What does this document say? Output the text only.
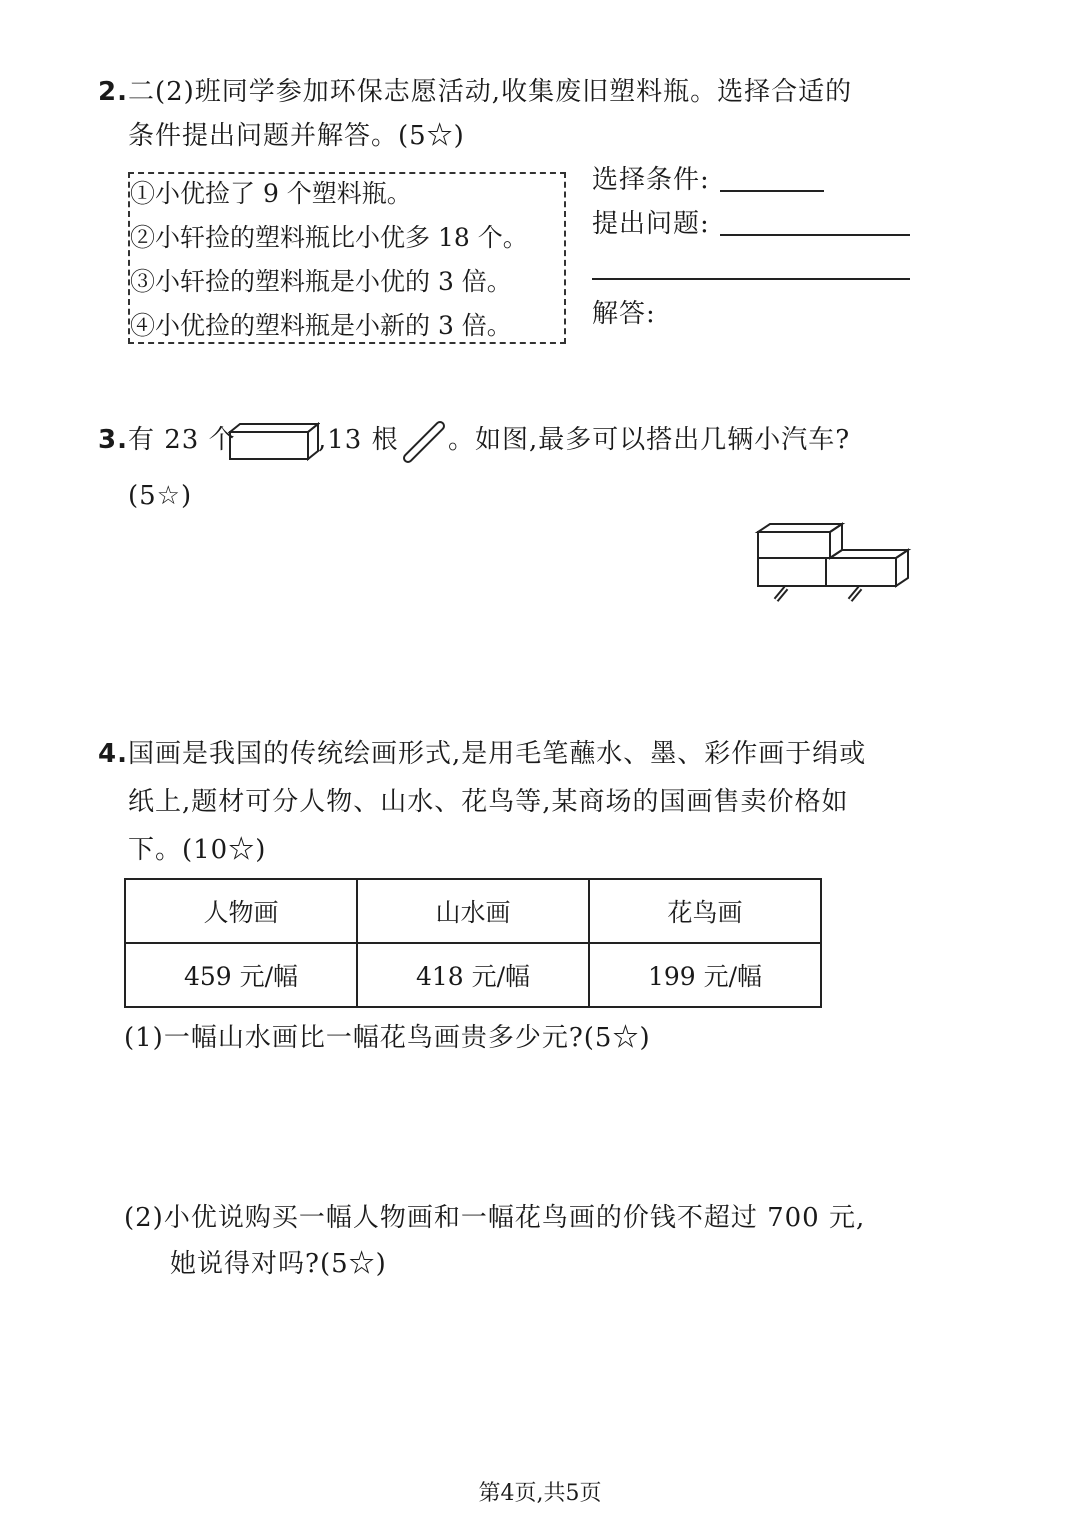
2.二(2)班同学参加环保志愿活动,收集废旧塑料瓶。选择合适的
条件提出问题并解答。(5☆)
①小优捡了 9 个塑料瓶。
②小轩捡的塑料瓶比小优多 18 个。
③小轩捡的塑料瓶是小优的 3 倍。
④小优捡的塑料瓶是小新的 3 倍。
选择条件:
提出问题:
解答:
3.有 23 个	,13 根 。如图,最多可以搭出几辆小汽车?
(5☆)
4.国画是我国的传统绘画形式,是用毛笔蘸水、墨、彩作画于绢或
纸上,题材可分人物、山水、花鸟等,某商场的国画售卖价格如
下。(10☆)
人物画	山水画	花鸟画
459 元/幅	418 元/幅	199 元/幅
(1)一幅山水画比一幅花鸟画贵多少元?(5☆)
(2)小优说购买一幅人物画和一幅花鸟画的价钱不超过 700 元,
她说得对吗?(5☆)
第4页,共5页
